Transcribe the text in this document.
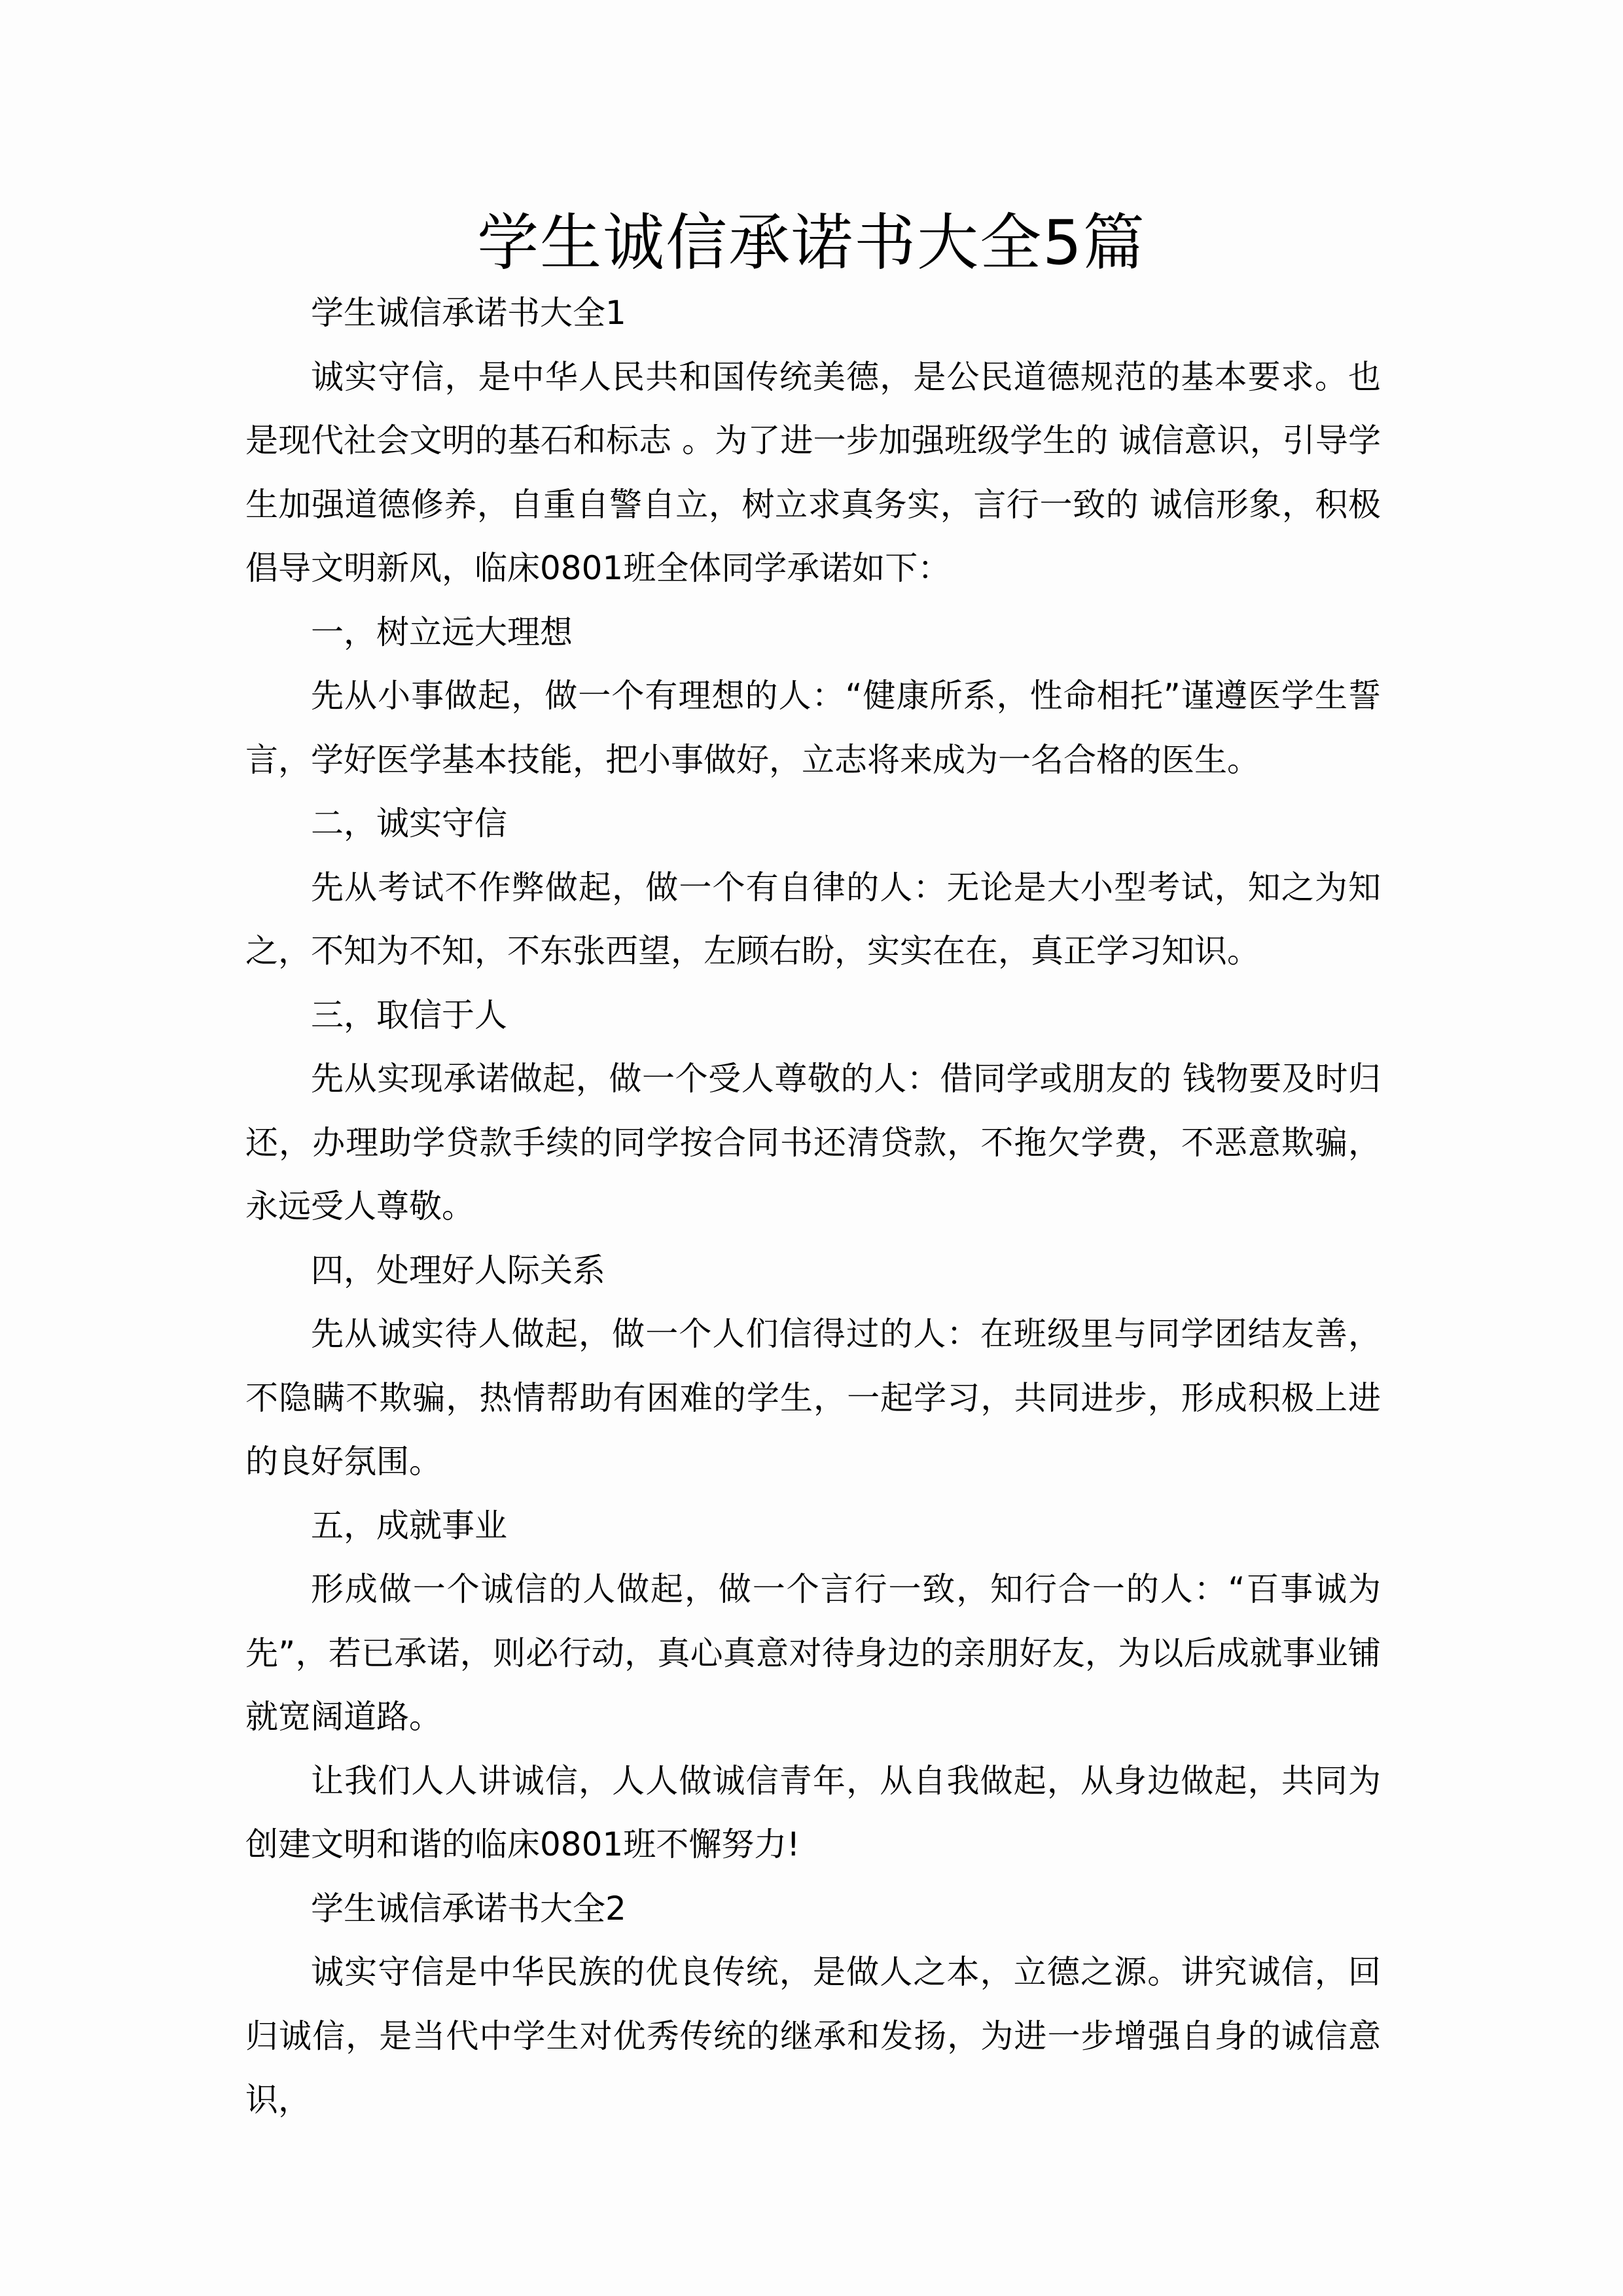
学生诚信承诺书大全5篇

学生诚信承诺书大全1

诚实守信，是中华人民共和国传统美德，是公民道德规范的基本要求。也是现代社会文明的基石和标志 。为了进一步加强班级学生的 诚信意识，引导学生加强道德修养，自重自警自立，树立求真务实，言行一致的 诚信形象，积极倡导文明新风，临床0801班全体同学承诺如下：

一，树立远大理想

先从小事做起，做一个有理想的人：“健康所系，性命相托”谨遵医学生誓言，学好医学基本技能，把小事做好，立志将来成为一名合格的医生。

二，诚实守信

先从考试不作弊做起，做一个有自律的人：无论是大小型考试，知之为知之，不知为不知，不东张西望，左顾右盼，实实在在，真正学习知识。

三，取信于人

先从实现承诺做起，做一个受人尊敬的人：借同学或朋友的 钱物要及时归还，办理助学贷款手续的同学按合同书还清贷款，不拖欠学费，不恶意欺骗，永远受人尊敬。

四，处理好人际关系

先从诚实待人做起，做一个人们信得过的人：在班级里与同学团结友善，不隐瞒不欺骗，热情帮助有困难的学生，一起学习，共同进步，形成积极上进的良好氛围。

五，成就事业

形成做一个诚信的人做起，做一个言行一致，知行合一的人：“百事诚为先”，若已承诺，则必行动，真心真意对待身边的亲朋好友，为以后成就事业铺就宽阔道路。

让我们人人讲诚信，人人做诚信青年，从自我做起，从身边做起，共同为创建文明和谐的临床0801班不懈努力!

学生诚信承诺书大全2

诚实守信是中华民族的优良传统，是做人之本，立德之源。讲究诚信，回归诚信，是当代中学生对优秀传统的继承和发扬，为进一步增强自身的诚信意识，
